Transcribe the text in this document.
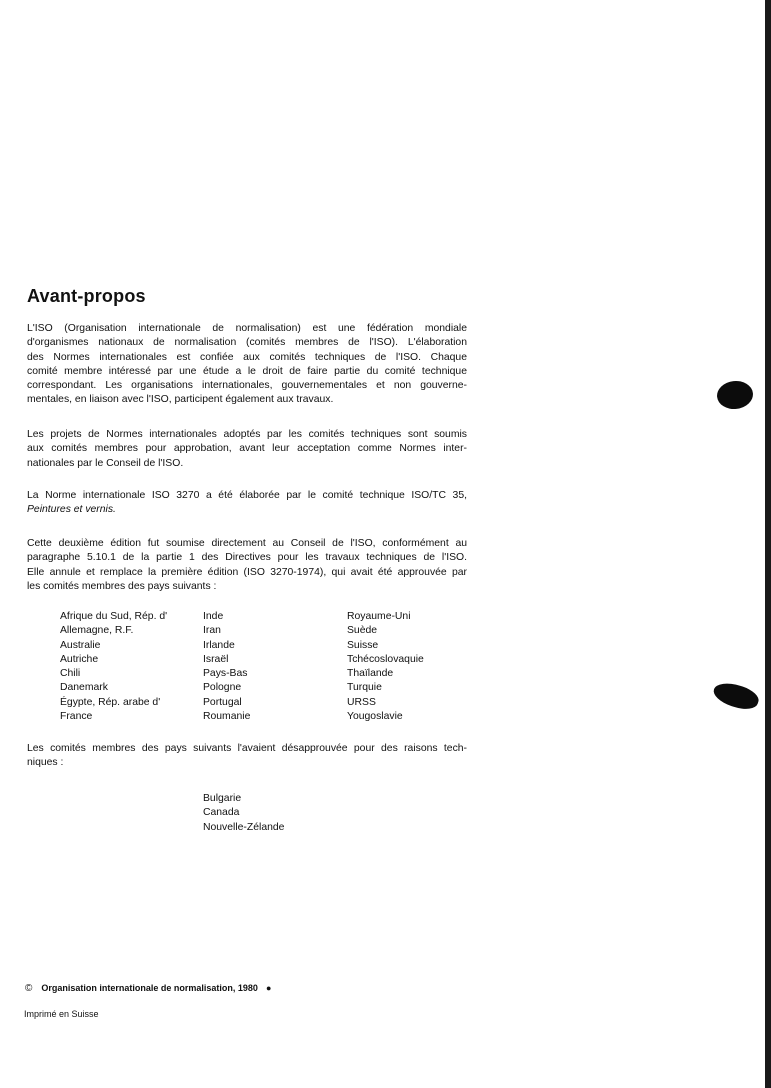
Avant-propos
L'ISO (Organisation internationale de normalisation) est une fédération mondiale
d'organismes nationaux de normalisation (comités membres de l'ISO). L'élaboration
des Normes internationales est confiée aux comités techniques de l'ISO. Chaque
comité membre intéressé par une étude a le droit de faire partie du comité technique
correspondant. Les organisations internationales, gouvernementales et non gouverne-
mentales, en liaison avec l'ISO, participent également aux travaux.
Les projets de Normes internationales adoptés par les comités techniques sont soumis
aux comités membres pour approbation, avant leur acceptation comme Normes inter-
nationales par le Conseil de l'ISO.
La Norme internationale ISO 3270 a été élaborée par le comité technique ISO/TC 35,
Peintures et vernis.
Cette deuxième édition fut soumise directement au Conseil de l'ISO, conformément au
paragraphe 5.10.1 de la partie 1 des Directives pour les travaux techniques de l'ISO.
Elle annule et remplace la première édition (ISO 3270-1974), qui avait été approuvée par
les comités membres des pays suivants :
Afrique du Sud, Rép. d'
Allemagne, R.F.
Australie
Autriche
Chili
Danemark
Égypte, Rép. arabe d'
France
Inde
Iran
Irlande
Israël
Pays-Bas
Pologne
Portugal
Roumanie
Royaume-Uni
Suède
Suisse
Tchécoslovaquie
Thaïlande
Turquie
URSS
Yougoslavie
Les comités membres des pays suivants l'avaient désapprouvée pour des raisons tech-
niques :
Bulgarie
Canada
Nouvelle-Zélande
© Organisation internationale de normalisation, 1980 ●
Imprimé en Suisse
